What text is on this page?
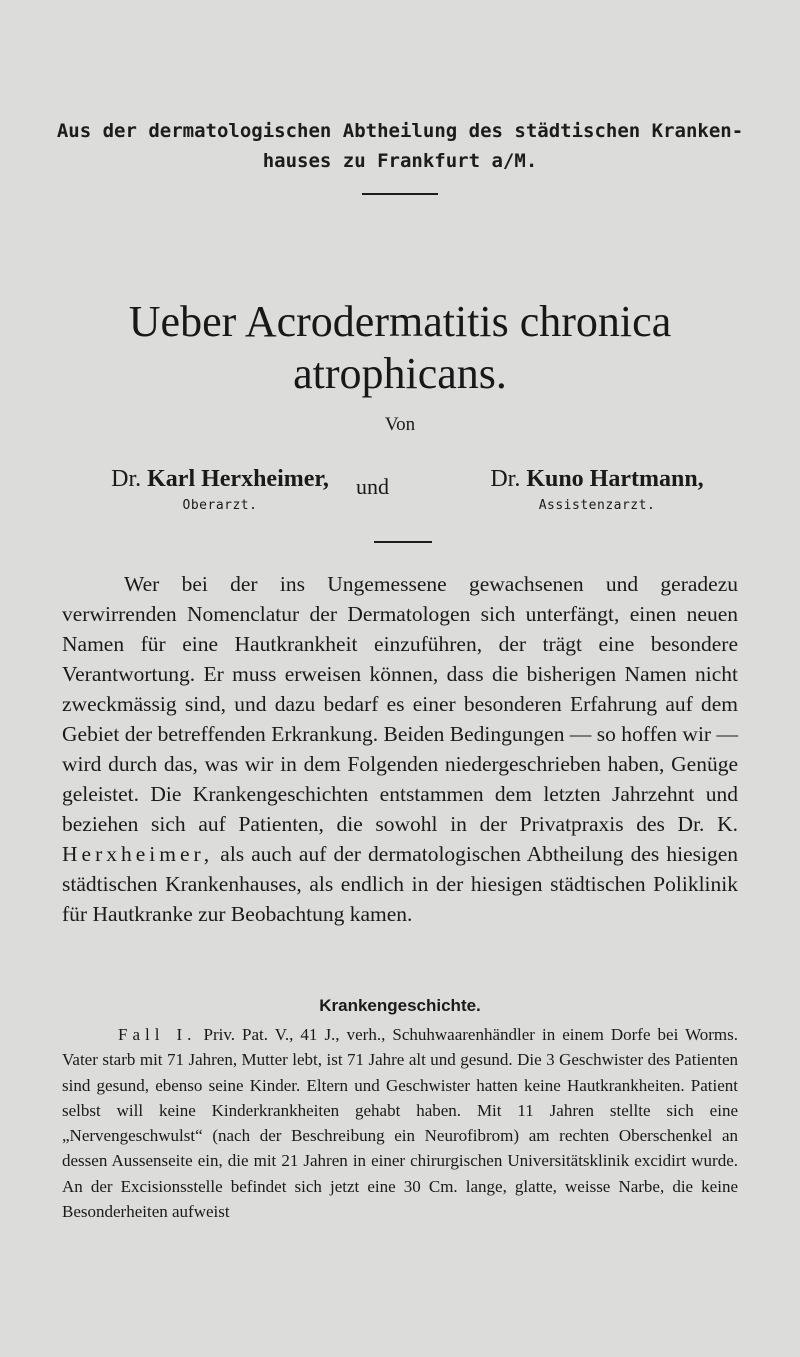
Aus der dermatologischen Abtheilung des städtischen Kranken-
hauses zu Frankfurt a/M.
Ueber Acrodermatitis chronica
atrophicans.
Von
Dr. Karl Herxheimer,
Oberarzt.
und	Dr. Kuno Hartmann,
Assistenzarzt.

Wer bei der ins Ungemessene gewachsenen und geradezu verwirrenden Nomenclatur der Dermatologen sich unterfängt, einen neuen Namen für eine Hautkrankheit einzuführen, der trägt eine besondere Verantwortung. Er muss erweisen können, dass die bisherigen Namen nicht zweckmässig sind, und dazu bedarf es einer besonderen Erfahrung auf dem Gebiet der betreffenden Erkrankung. Beiden Bedingungen — so hoffen wir — wird durch das, was wir in dem Folgenden niedergeschrieben haben, Genüge geleistet. Die Krankengeschichten entstammen dem letzten Jahrzehnt und beziehen sich auf Patienten, die sowohl in der Privatpraxis des Dr. K. Herxheimer, als auch auf der dermatologischen Abtheilung des hiesigen städtischen Krankenhauses, als endlich in der hiesigen städtischen Poliklinik für Hautkranke zur Beobachtung kamen.

Krankengeschichte.

Fall I. Priv. Pat. V., 41 J., verh., Schuhwaarenhändler in einem Dorfe bei Worms. Vater starb mit 71 Jahren, Mutter lebt, ist 71 Jahre alt und gesund. Die 3 Geschwister des Patienten sind gesund, ebenso seine Kinder. Eltern und Geschwister hatten keine Hautkrankheiten. Patient selbst will keine Kinderkrankheiten gehabt haben. Mit 11 Jahren stellte sich eine „Nervengeschwulst“ (nach der Beschreibung ein Neurofibrom) am rechten Oberschenkel an dessen Aussenseite ein, die mit 21 Jahren in einer chirurgischen Universitätsklinik excidirt wurde. An der Excisionsstelle befindet sich jetzt eine 30 Cm. lange, glatte, weisse Narbe, die keine Besonderheiten aufweist
